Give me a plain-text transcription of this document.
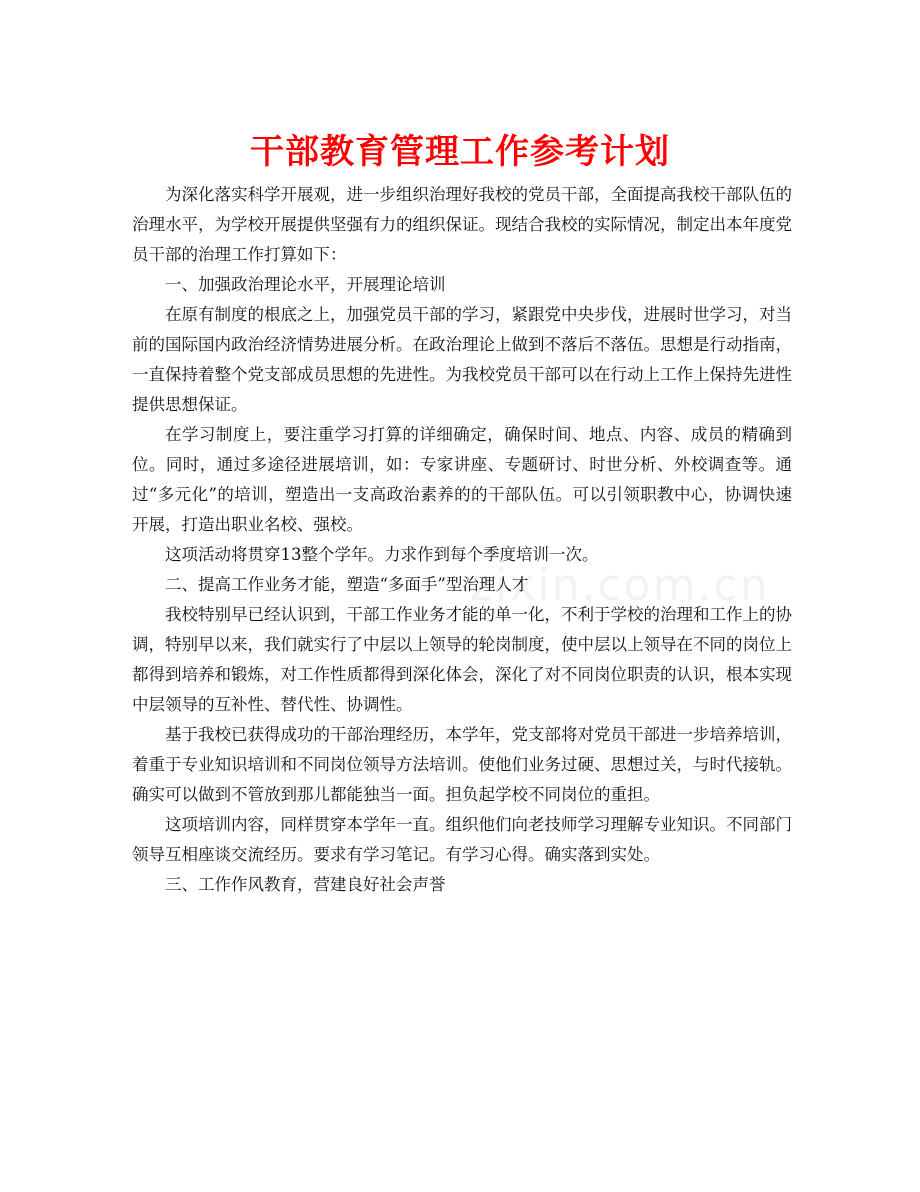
zixin.com.cn
干部教育管理工作参考计划

为深化落实科学开展观，进一步组织治理好我校的党员干部，全面提高我校干部队伍的治理水平，为学校开展提供坚强有力的组织保证。现结合我校的实际情况，制定出本年度党员干部的治理工作打算如下：

一、加强政治理论水平，开展理论培训

在原有制度的根底之上，加强党员干部的学习，紧跟党中央步伐，进展时世学习，对当前的国际国内政治经济情势进展分析。在政治理论上做到不落后不落伍。思想是行动指南，一直保持着整个党支部成员思想的先进性。为我校党员干部可以在行动上工作上保持先进性提供思想保证。

在学习制度上，要注重学习打算的详细确定，确保时间、地点、内容、成员的精确到位。同时，通过多途径进展培训，如：专家讲座、专题研讨、时世分析、外校调查等。通过“多元化”的培训，塑造出一支高政治素养的的干部队伍。可以引领职教中心，协调快速开展，打造出职业名校、强校。

这项活动将贯穿13整个学年。力求作到每个季度培训一次。

二、提高工作业务才能，塑造“多面手”型治理人才

我校特别早已经认识到，干部工作业务才能的单一化，不利于学校的治理和工作上的协调，特别早以来，我们就实行了中层以上领导的轮岗制度，使中层以上领导在不同的岗位上都得到培养和锻炼，对工作性质都得到深化体会，深化了对不同岗位职责的认识，根本实现中层领导的互补性、替代性、协调性。

基于我校已获得成功的干部治理经历，本学年，党支部将对党员干部进一步培养培训，着重于专业知识培训和不同岗位领导方法培训。使他们业务过硬、思想过关，与时代接轨。确实可以做到不管放到那儿都能独当一面。担负起学校不同岗位的重担。

这项培训内容，同样贯穿本学年一直。组织他们向老技师学习理解专业知识。不同部门领导互相座谈交流经历。要求有学习笔记。有学习心得。确实落到实处。

三、工作作风教育，营建良好社会声誉
